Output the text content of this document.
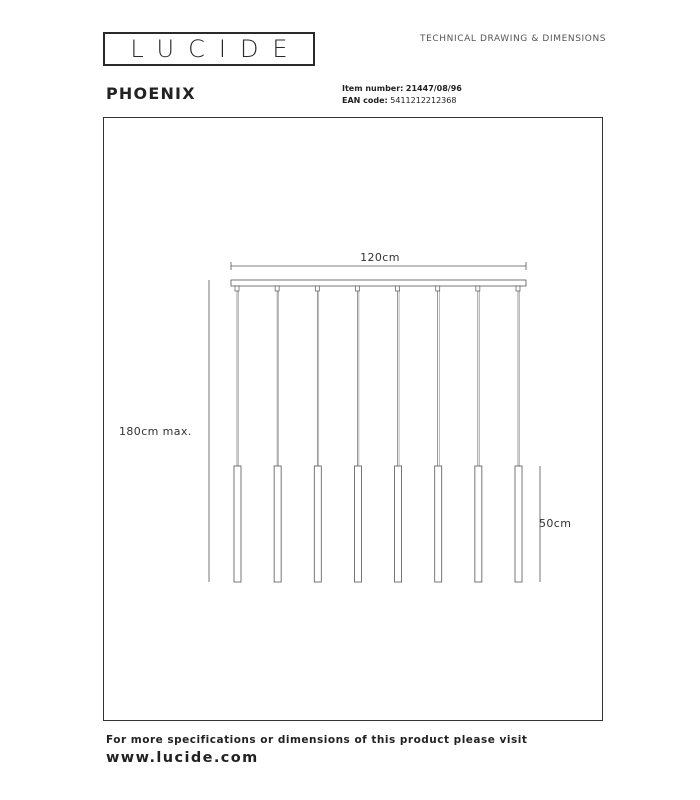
LUCIDE	TECHNICAL DRAWING & DIMENSIONS
PHOENIX	Item number: 21447/08/96
EAN code: 5411212212368
120cm
180cm max.
50cm
For more specifications or dimensions of this product please visit
www.lucide.com
